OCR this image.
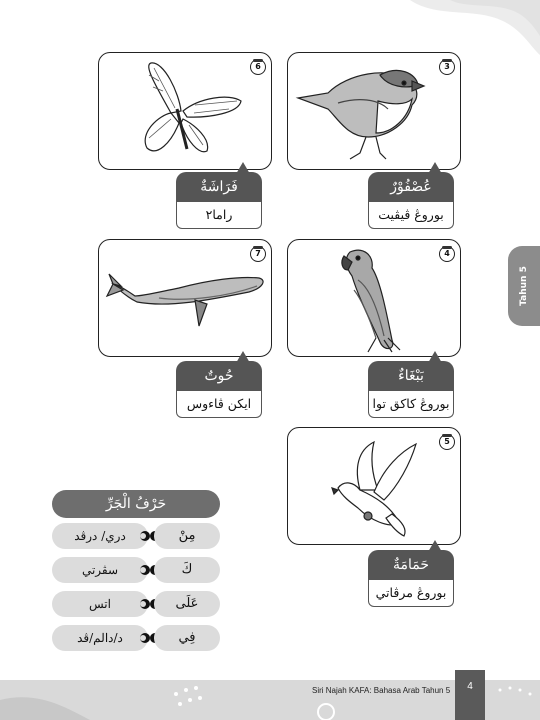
Tahun 5
6
فَرَاشَةٌ
راما٢
3
عُصْفُوْرٌ
بوروڠ ڤيڤيت
7
حُوتٌ
ايكن ڤاءوس
4
بَبْغَاءٌ
بوروڠ كاكق توا
5
حَمَامَةٌ
بوروڠ مرڤاتي
حَرْفُ الْجَرِّ
دري/ درڤد	مِنْ
سڤرتي	كَ
اتس	عَلَى
د/دالم/ڤد	فِي
Siri Najah KAFA: Bahasa Arab Tahun 5	4
